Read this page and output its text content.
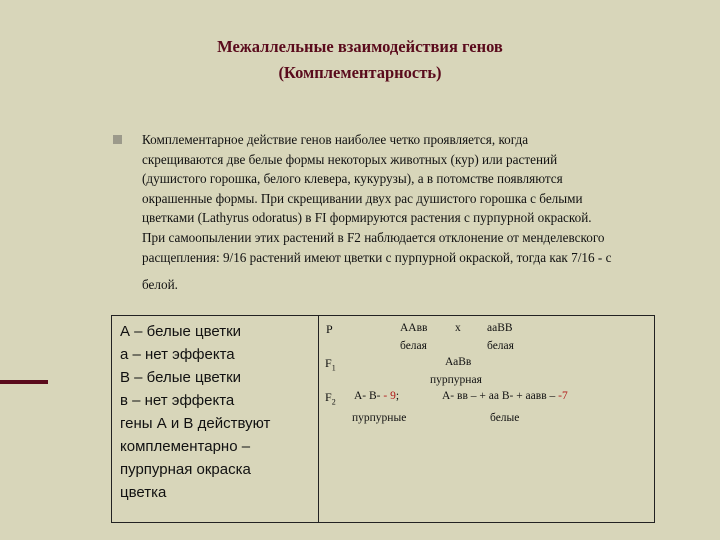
Межаллельные взаимодействия генов
(Комплементарность)
Комплементарное действие генов наиболее четко проявляется, когда
скрещиваются две белые формы некоторых животных (кур) или растений
(душистого горошка, белого клевера, кукурузы), а в потомстве появляются
окрашенные формы. При скрещивании двух рас душистого горошка с белыми
цветками (Lathyrus odoratus) в FI формируются растения с пурпурной окраской.
При самоопылении этих растений в F2 наблюдается отклонение от менделевского
расщепления: 9/16 растений имеют цветки с пурпурной окраской, тогда как 7/16 - с
белой.
А – белые цветки
а – нет эффекта
В – белые цветки
в – нет эффекта
гены А и В действуют
комплементарно –
пурпурная окраска
цветка
Р	ААвв х ааВВ
белая	белая
$F_1$	АаВв
пурпурная
$F_2$ А- В- - 9;	А- вв – + аа В- + аавв – -7
пурпурные	белые
